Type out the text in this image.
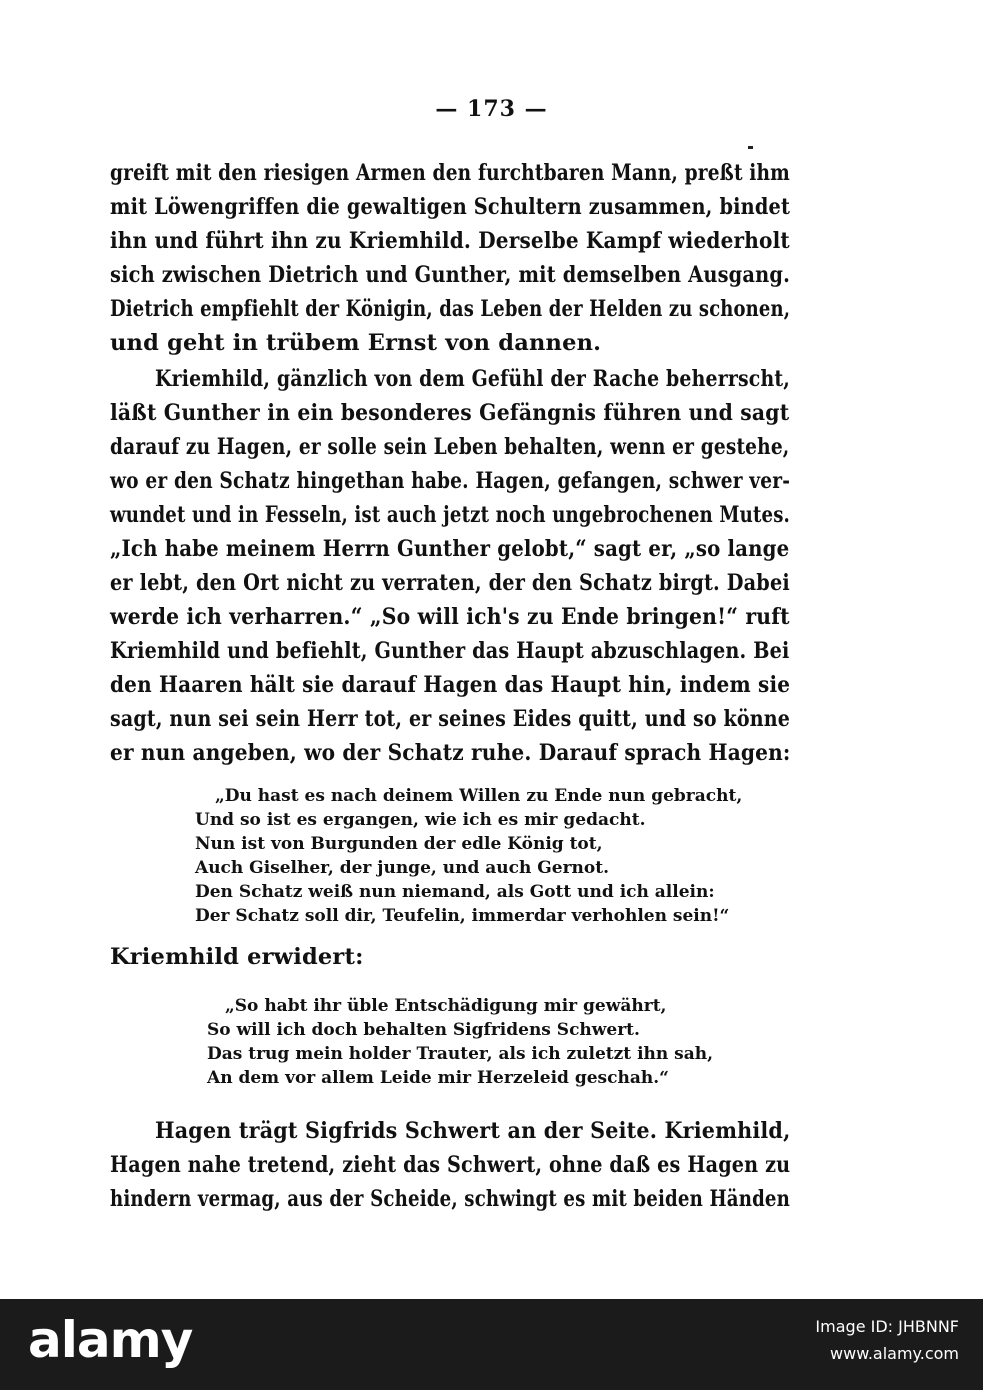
— 173 —
greift mit den riesigen Armen den furchtbaren Mann, preßt ihm
mit Löwengriffen die gewaltigen Schultern zusammen, bindet
ihn und führt ihn zu Kriemhild. Derselbe Kampf wiederholt
sich zwischen Dietrich und Gunther, mit demselben Ausgang.
Dietrich empfiehlt der Königin, das Leben der Helden zu schonen,
und geht in trübem Ernst von dannen.
Kriemhild, gänzlich von dem Gefühl der Rache beherrscht,
läßt Gunther in ein besonderes Gefängnis führen und sagt
darauf zu Hagen, er solle sein Leben behalten, wenn er gestehe,
wo er den Schatz hingethan habe. Hagen, gefangen, schwer ver-
wundet und in Fesseln, ist auch jetzt noch ungebrochenen Mutes.
„Ich habe meinem Herrn Gunther gelobt,“ sagt er, „so lange
er lebt, den Ort nicht zu verraten, der den Schatz birgt. Dabei
werde ich verharren.“ „So will ich's zu Ende bringen!“ ruft
Kriemhild und befiehlt, Gunther das Haupt abzuschlagen. Bei
den Haaren hält sie darauf Hagen das Haupt hin, indem sie
sagt, nun sei sein Herr tot, er seines Eides quitt, und so könne
er nun angeben, wo der Schatz ruhe. Darauf sprach Hagen:
„Du hast es nach deinem Willen zu Ende nun gebracht,
Und so ist es ergangen, wie ich es mir gedacht.
Nun ist von Burgunden der edle König tot,
Auch Giselher, der junge, und auch Gernot.
Den Schatz weiß nun niemand, als Gott und ich allein:
Der Schatz soll dir, Teufelin, immerdar verhohlen sein!“
Kriemhild erwidert:
„So habt ihr üble Entschädigung mir gewährt,
So will ich doch behalten Sigfridens Schwert.
Das trug mein holder Trauter, als ich zuletzt ihn sah,
An dem vor allem Leide mir Herzeleid geschah.“
Hagen trägt Sigfrids Schwert an der Seite. Kriemhild,
Hagen nahe tretend, zieht das Schwert, ohne daß es Hagen zu
hindern vermag, aus der Scheide, schwingt es mit beiden Händen
alamy	Image ID: JHBNNF
www.alamy.com
